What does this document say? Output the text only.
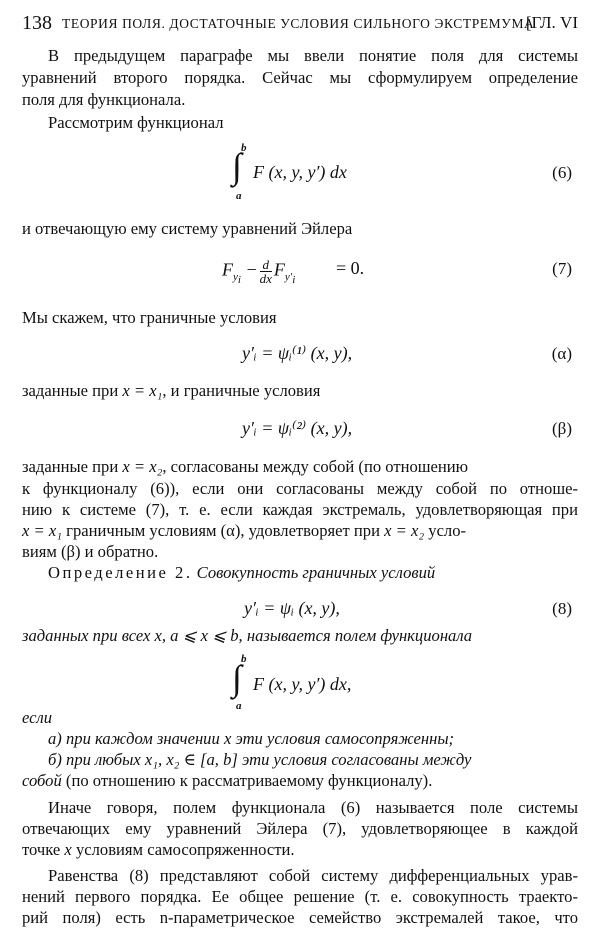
138 ТЕОРИЯ ПОЛЯ. ДОСТАТОЧНЫЕ УСЛОВИЯ СИЛЬНОГО ЭКСТРЕМУМА
[ГЛ. VI
В предыдущем параграфе мы ввели понятие поля для системы
уравнений второго порядка. Сейчас мы сформулируем определение
поля для функционала.
Рассмотрим функционал
∫ b
a
F (x, y, y′) dx	(6)
и отвечающую ему систему уравнений Эйлера
$F_{y_i} - \frac{d}{dx} F_{y'_i}$
= 0.	(7)
Мы скажем, что граничные условия
y′ᵢ = ψᵢ⁽¹⁾ (x, y),	(α)
заданные при x = x₁, и граничные условия
y′ᵢ = ψᵢ⁽²⁾ (x, y),	(β)
заданные при x = x₂, согласованы между собой (по отношению
к функционалу (6)), если они согласованы между собой по отноше-
нию к системе (7), т. е. если каждая экстремаль, удовлетворяющая при
x = x₁ граничным условиям (α), удовлетворяет при x = x₂ усло-
виям (β) и обратно.
Определение 2. Совокупность граничных условий
y′ᵢ = ψᵢ (x, y),	(8)
заданных при всех x, a ⩽ x ⩽ b, называется полем функционала
∫ b
a
F (x, y, y′) dx,
если
а) при каждом значении x эти условия самосопряженны;
б) при любых x₁, x₂ ∈ [a, b] эти условия согласованы между
собой (по отношению к рассматриваемому функционалу).
Иначе говоря, полем функционала (6) называется поле системы
отвечающих ему уравнений Эйлера (7), удовлетворяющее в каждой
точке x условиям самосопряженности.
Равенства (8) представляют собой систему дифференциальных урав-
нений первого порядка. Ее общее решение (т. е. совокупность траекто-
рий поля) есть n-параметрическое семейство экстремалей такое, что
